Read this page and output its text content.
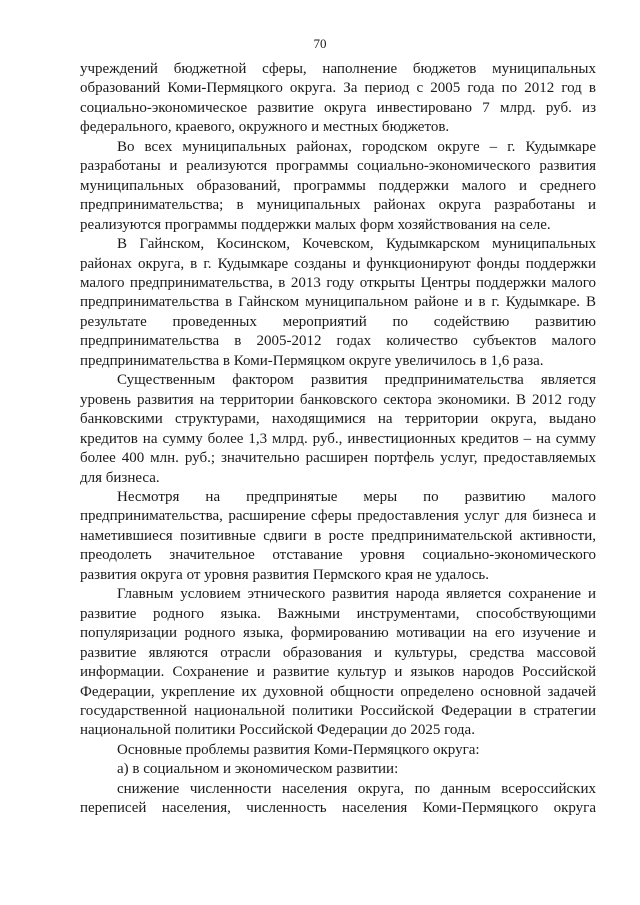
70

учреждений бюджетной сферы, наполнение бюджетов муниципальных образований Коми-Пермяцкого округа. За период с 2005 года по 2012 год в социально-экономическое развитие округа инвестировано 7 млрд. руб. из федерального, краевого, окружного и местных бюджетов.

Во всех муниципальных районах, городском округе – г. Кудымкаре разработаны и реализуются программы социально-экономического развития муниципальных образований, программы поддержки малого и среднего предпринимательства; в муниципальных районах округа разработаны и реализуются программы поддержки малых форм хозяйствования на селе.

В Гайнском, Косинском, Кочевском, Кудымкарском муниципальных районах округа, в г. Кудымкаре созданы и функционируют фонды поддержки малого предпринимательства, в 2013 году открыты Центры поддержки малого предпринимательства в Гайнском муниципальном районе и в г. Кудымкаре. В результате проведенных мероприятий по содействию развитию предпринимательства в 2005-2012 годах количество субъектов малого предпринимательства в Коми-Пермяцком округе увеличилось в 1,6 раза.

Существенным фактором развития предпринимательства является уровень развития на территории банковского сектора экономики. В 2012 году банковскими структурами, находящимися на территории округа, выдано кредитов на сумму более 1,3 млрд. руб., инвестиционных кредитов – на сумму более 400 млн. руб.; значительно расширен портфель услуг, предоставляемых для бизнеса.

Несмотря на предпринятые меры по развитию малого предпринимательства, расширение сферы предоставления услуг для бизнеса и наметившиеся позитивные сдвиги в росте предпринимательской активности, преодолеть значительное отставание уровня социально-экономического развития округа от уровня развития Пермского края не удалось.

Главным условием этнического развития народа является сохранение и развитие родного языка. Важными инструментами, способствующими популяризации родного языка, формированию мотивации на его изучение и развитие являются отрасли образования и культуры, средства массовой информации. Сохранение и развитие культур и языков народов Российской Федерации, укрепление их духовной общности определено основной задачей государственной национальной политики Российской Федерации в стратегии национальной политики Российской Федерации до 2025 года.

Основные проблемы развития Коми-Пермяцкого округа:

а) в социальном и экономическом развитии:

снижение численности населения округа, по данным всероссийских переписей населения, численность населения Коми-Пермяцкого округа
